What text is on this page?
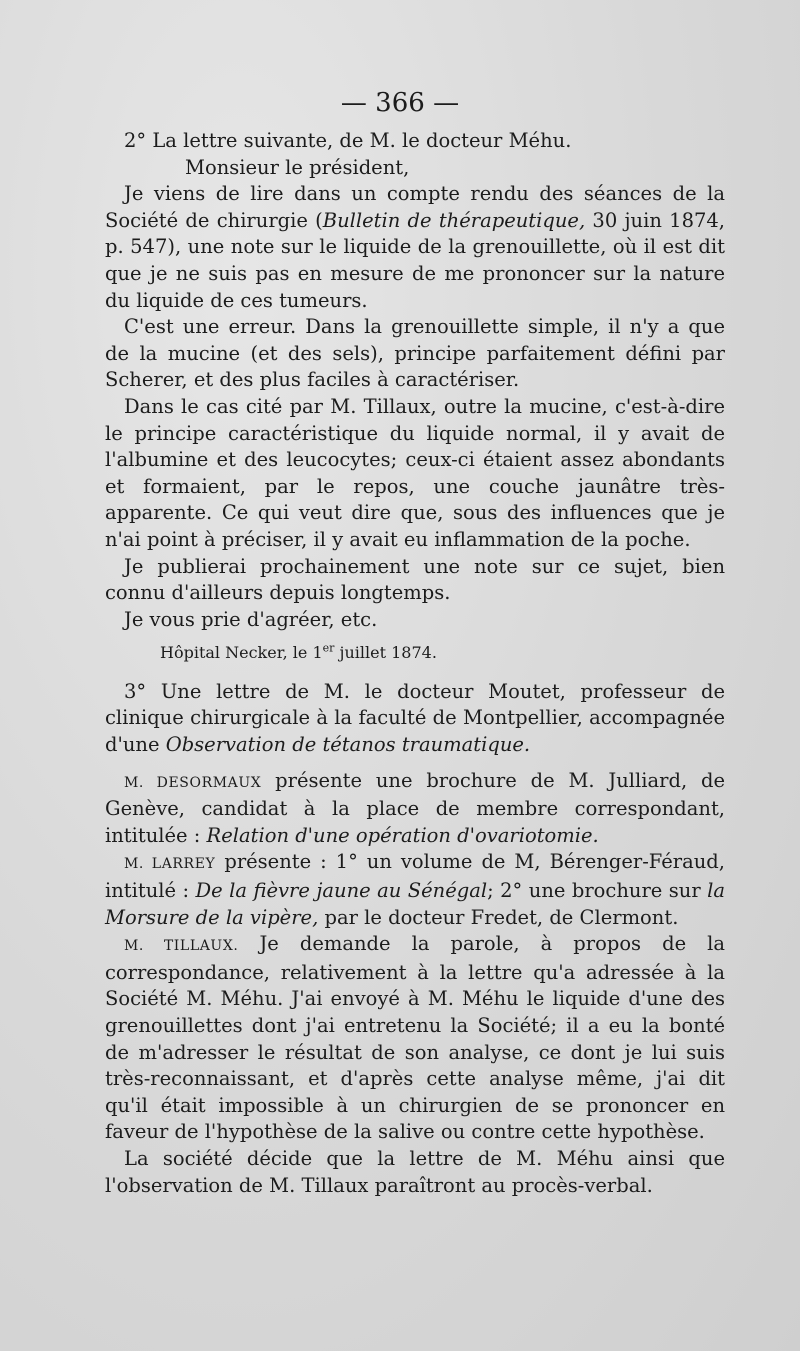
— 366 —

2° La lettre suivante, de M. le docteur Méhu.

Monsieur le président,

Je viens de lire dans un compte rendu des séances de la Société de chirurgie (Bulletin de thérapeutique, 30 juin 1874, p. 547), une note sur le liquide de la grenouillette, où il est dit que je ne suis pas en mesure de me prononcer sur la nature du liquide de ces tumeurs.

C'est une erreur. Dans la grenouillette simple, il n'y a que de la mucine (et des sels), principe parfaitement défini par Scherer, et des plus faciles à caractériser.

Dans le cas cité par M. Tillaux, outre la mucine, c'est-à-dire le principe caractéristique du liquide normal, il y avait de l'albumine et des leucocytes; ceux-ci étaient assez abondants et formaient, par le repos, une couche jaunâtre très-apparente. Ce qui veut dire que, sous des influences que je n'ai point à préciser, il y avait eu inflammation de la poche.

Je publierai prochainement une note sur ce sujet, bien connu d'ailleurs depuis longtemps.

Je vous prie d'agréer, etc.

Hôpital Necker, le 1er juillet 1874.

3° Une lettre de M. le docteur Moutet, professeur de clinique chirurgicale à la faculté de Montpellier, accompagnée d'une Observation de tétanos traumatique.

M. DESORMAUX présente une brochure de M. Julliard, de Genève, candidat à la place de membre correspondant, intitulée : Relation d'une opération d'ovariotomie.

M. LARREY présente : 1° un volume de M, Bérenger-Féraud, intitulé : De la fièvre jaune au Sénégal; 2° une brochure sur la Morsure de la vipère, par le docteur Fredet, de Clermont.

M. TILLAUX. Je demande la parole, à propos de la correspondance, relativement à la lettre qu'a adressée à la Société M. Méhu. J'ai envoyé à M. Méhu le liquide d'une des grenouillettes dont j'ai entretenu la Société; il a eu la bonté de m'adresser le résultat de son analyse, ce dont je lui suis très-reconnaissant, et d'après cette analyse même, j'ai dit qu'il était impossible à un chirurgien de se prononcer en faveur de l'hypothèse de la salive ou contre cette hypothèse.

La société décide que la lettre de M. Méhu ainsi que l'observation de M. Tillaux paraîtront au procès-verbal.
